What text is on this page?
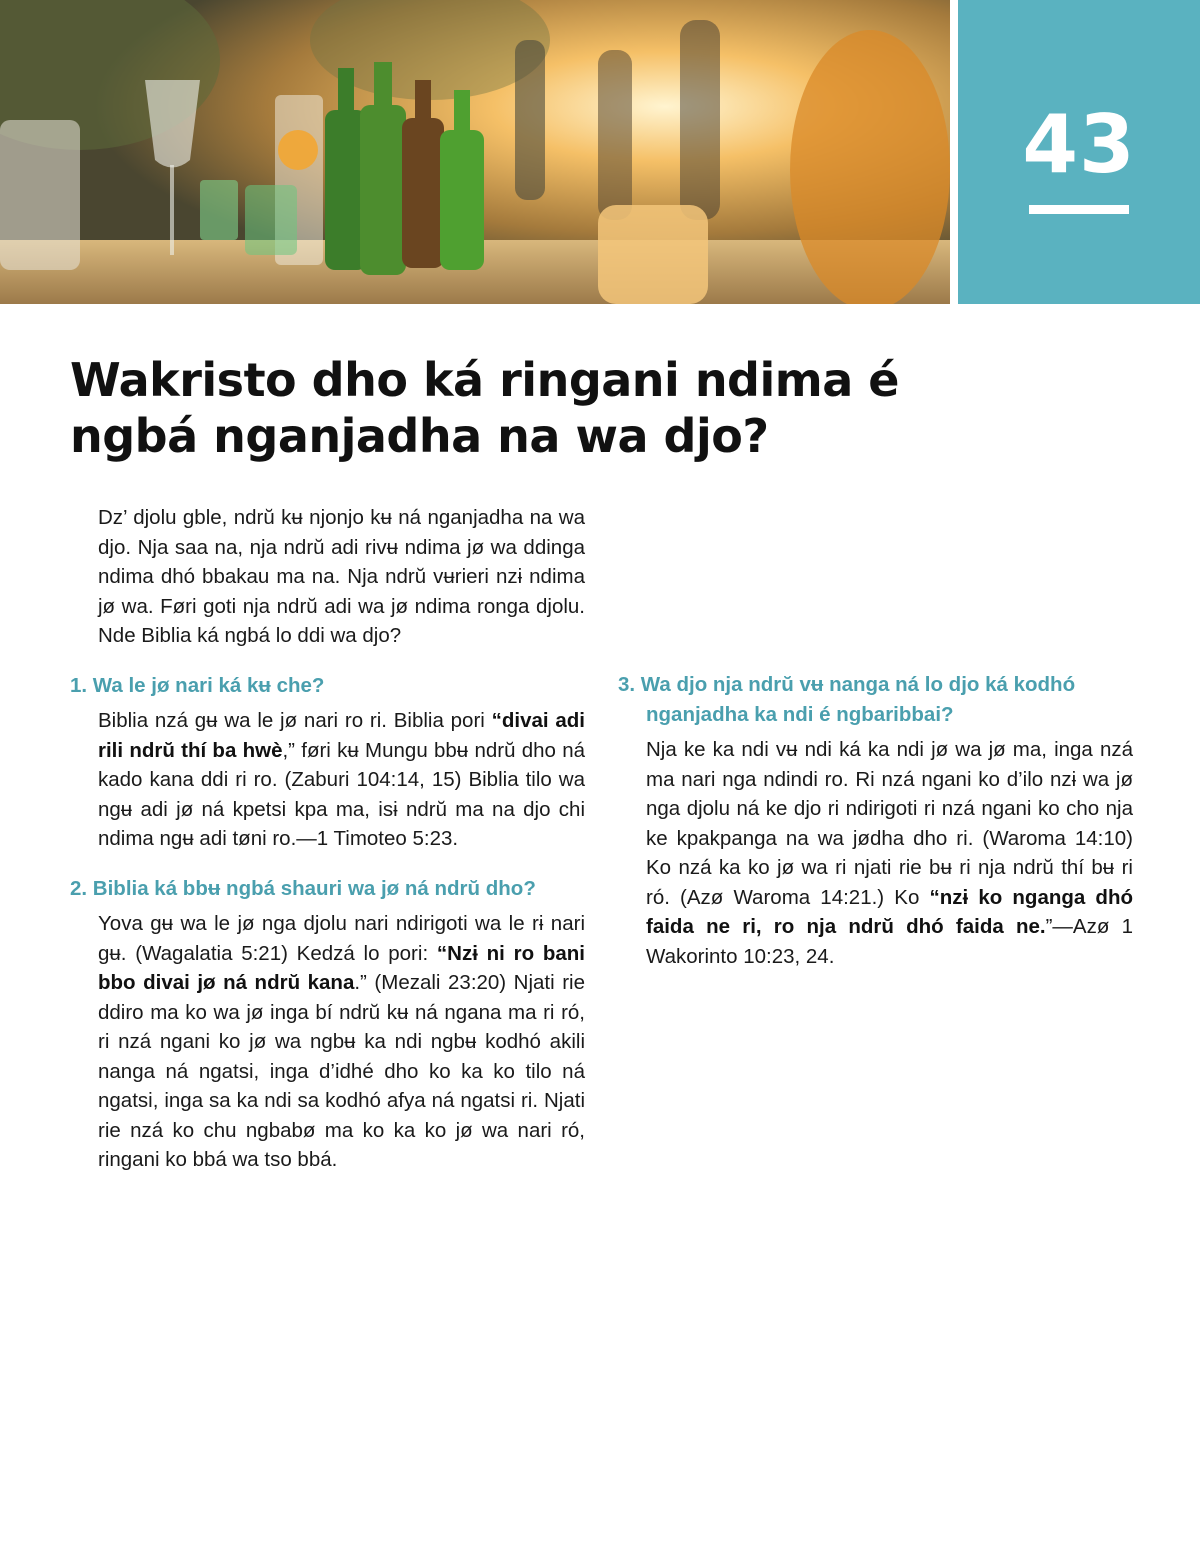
43
Wakristo dho ká ringani ndima é ngbá nganjadha na wa djo?

Dz’ djolu gble, ndrŭ kʉ njonjo kʉ ná nganjadha na wa djo. Nja saa na, nja ndrŭ adi rivʉ ndima jø wa ddinga ndima dhó bbakau ma na. Nja ndrŭ vʉrieri nzɨ ndima jø wa. Føri goti nja ndrŭ adi wa jø ndima ronga djolu. Nde Biblia ká ngbá lo ddi wa djo?

1. Wa le jø nari ká kʉ che?

Biblia nzá gʉ wa le jø nari ro ri. Biblia pori “divai adi rili ndrŭ thí ba hwè,” føri kʉ Mungu bbʉ ndrŭ dho ná kado kana ddi ri ro. (Zaburi 104:14, 15) Biblia tilo wa ngʉ adi jø ná kpetsi kpa ma, isɨ ndrŭ ma na djo chi ndima ngʉ adi tøni ro.—1 Timoteo 5:23.

2. Biblia ká bbʉ ngbá shauri wa jø ná ndrŭ dho?

Yova gʉ wa le jø nga djolu nari ndirigoti wa le rɨ nari gʉ. (Wagalatia 5:21) Kedzá lo pori: “Nzɨ ni ro bani bbo divai jø ná ndrŭ kana.” (Mezali 23:20) Njati rie ddiro ma ko wa jø inga bí ndrŭ kʉ ná ngana ma ri ró, ri nzá ngani ko jø wa ngbʉ ka ndi ngbʉ kodhó akili nanga ná ngatsi, inga d’idhé dho ko ka ko tilo ná ngatsi, inga sa ka ndi sa kodhó afya ná ngatsi ri. Njati rie nzá ko chu ngbabø ma ko ka ko jø wa nari ró, ringani ko bbá wa tso bbá.

3. Wa djo nja ndrŭ vʉ nanga ná lo djo ká kodhó nganjadha ka ndi é ngbaribbai?

Nja ke ka ndi vʉ ndi ká ka ndi jø wa jø ma, inga nzá ma nari nga ndindi ro. Ri nzá ngani ko d’ilo nzɨ wa jø nga djolu ná ke djo ri ndirigoti ri nzá ngani ko cho nja ke kpakpanga na wa jødha dho ri. (Waroma 14:10) Ko nzá ka ko jø wa ri njati rie bʉ ri nja ndrŭ thí bʉ ri ró. (Azø Waroma 14:21.) Ko “nzɨ ko nganga dhó faida ne ri, ro nja ndrŭ dhó faida ne.”—Azø 1 Wakorinto 10:23, 24.
